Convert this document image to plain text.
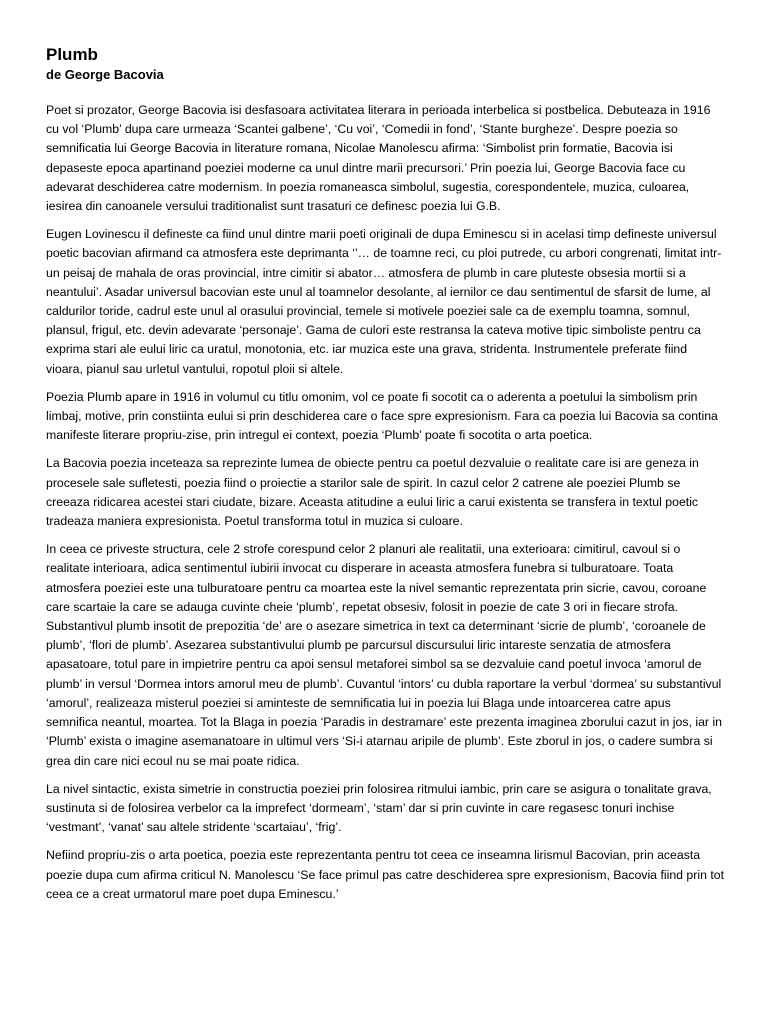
Plumb
de George Bacovia

Poet si prozator, George Bacovia isi desfasoara activitatea literara in perioada interbelica si postbelica. Debuteaza in 1916 cu vol ‘Plumb’ dupa care urmeaza ‘Scantei galbene’, ‘Cu voi’, ‘Comedii in fond’, ‘Stante burgheze’. Despre poezia so semnificatia lui George Bacovia in literature romana, Nicolae Manolescu afirma: ‘Simbolist prin formatie, Bacovia isi depaseste epoca apartinand poeziei moderne ca unul dintre marii precursori.’ Prin poezia lui, George Bacovia face cu adevarat deschiderea catre modernism. In poezia romaneasca simbolul, sugestia, corespondentele, muzica, culoarea, iesirea din canoanele versului traditionalist sunt trasaturi ce definesc poezia lui G.B.

Eugen Lovinescu il defineste ca fiind unul dintre marii poeti originali de dupa Eminescu si in acelasi timp defineste universul poetic bacovian afirmand ca atmosfera este deprimanta ‘’… de toamne reci, cu ploi putrede, cu arbori congrenati, limitat intr-un peisaj de mahala de oras provincial, intre cimitir si abator… atmosfera de plumb in care pluteste obsesia mortii si a neantului’. Asadar universul bacovian este unul al toamnelor desolante, al iernilor ce dau sentimentul de sfarsit de lume, al caldurilor toride, cadrul este unul al orasului provincial, temele si motivele poeziei sale ca de exemplu toamna, somnul, plansul, frigul, etc. devin adevarate ‘personaje’. Gama de culori este restransa la cateva motive tipic simboliste pentru ca exprima stari ale eului liric ca uratul, monotonia, etc. iar muzica este una grava, stridenta. Instrumentele preferate fiind vioara, pianul sau urletul vantului, ropotul ploii si altele.

Poezia Plumb apare in 1916 in volumul cu titlu omonim, vol ce poate fi socotit ca o aderenta a poetului la simbolism prin limbaj, motive, prin constiinta eului si prin deschiderea care o face spre expresionism. Fara ca poezia lui Bacovia sa contina manifeste literare propriu-zise, prin intregul ei context, poezia ‘Plumb’ poate fi socotita o arta poetica.

La Bacovia poezia inceteaza sa reprezinte lumea de obiecte pentru ca poetul dezvaluie o realitate care isi are geneza in procesele sale sufletesti, poezia fiind o proiectie a starilor sale de spirit. In cazul celor 2 catrene ale poeziei Plumb se creeaza ridicarea acestei stari ciudate, bizare. Aceasta atitudine a eului liric a carui existenta se transfera in textul poetic tradeaza maniera expresionista. Poetul transforma totul in muzica si culoare.

In ceea ce priveste structura, cele 2 strofe corespund celor 2 planuri ale realitatii, una exterioara: cimitirul, cavoul si o realitate interioara, adica sentimentul iubirii invocat cu disperare in aceasta atmosfera funebra si tulburatoare. Toata atmosfera poeziei este una tulburatoare pentru ca moartea este la nivel semantic reprezentata prin sicrie, cavou, coroane care scartaie la care se adauga cuvinte cheie ‘plumb’, repetat obsesiv, folosit in poezie de cate 3 ori in fiecare strofa. Substantivul plumb insotit de prepozitia ‘de’ are o asezare simetrica in text ca determinant ‘sicrie de plumb’, ‘coroanele de plumb’, ‘flori de plumb’. Asezarea substantivului plumb pe parcursul discursului liric intareste senzatia de atmosfera apasatoare, totul pare in impietrire pentru ca apoi sensul metaforei simbol sa se dezvaluie cand poetul invoca ‘amorul de plumb’ in versul ‘Dormea intors amorul meu de plumb’. Cuvantul ‘intors’ cu dubla raportare la verbul ‘dormea’ su substantivul ‘amorul’, realizeaza misterul poeziei si aminteste de semnificatia lui in poezia lui Blaga unde intoarcerea catre apus semnifica neantul, moartea. Tot la Blaga in poezia ‘Paradis in destramare’ este prezenta imaginea zborului cazut in jos, iar in ‘Plumb’ exista o imagine asemanatoare in ultimul vers ‘Si-i atarnau aripile de plumb’. Este zborul in jos, o cadere sumbra si grea din care nici ecoul nu se mai poate ridica.

La nivel sintactic, exista simetrie in constructia poeziei prin folosirea ritmului iambic, prin care se asigura o tonalitate grava, sustinuta si de folosirea verbelor ca la imprefect ‘dormeam’, ‘stam’ dar si prin cuvinte in care regasesc tonuri inchise ‘vestmant’, ‘vanat’ sau altele stridente ‘scartaiau’, ‘frig’.

Nefiind propriu-zis o arta poetica, poezia este reprezentanta pentru tot ceea ce inseamna lirismul Bacovian, prin aceasta poezie dupa cum afirma criticul N. Manolescu ‘Se face primul pas catre deschiderea spre expresionism, Bacovia fiind prin tot ceea ce a creat urmatorul mare poet dupa Eminescu.’
